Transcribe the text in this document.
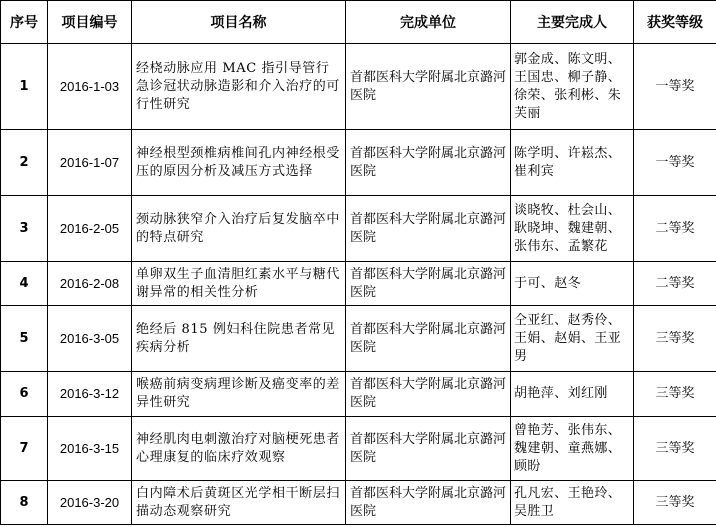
序号	项目编号	项目名称	完成单位	主要完成人	获奖等级
1	2016-1-03	经桡动脉应用 MAC 指引导管行急诊冠状动脉造影和介入治疗的可行性研究	首都医科大学附属北京潞河医院	郭金成、陈文明、王国忠、柳子静、徐荣、张利彬、朱芙丽	一等奖
2	2016-1-07	神经根型颈椎病椎间孔内神经根受压的原因分析及减压方式选择	首都医科大学附属北京潞河医院	陈学明、许崧杰、崔利宾	一等奖
3	2016-2-05	颈动脉狭窄介入治疗后复发脑卒中的特点研究	首都医科大学附属北京潞河医院	谈晓牧、杜会山、耿晓坤、魏建朝、张伟东、孟繁花	二等奖
4	2016-2-08	单卵双生子血清胆红素水平与糖代谢异常的相关性分析	首都医科大学附属北京潞河医院	于可、赵冬	二等奖
5	2016-3-05	绝经后 815 例妇科住院患者常见疾病分析	首都医科大学附属北京潞河医院	仝亚红、赵秀伶、王娟、赵娟、王亚男	三等奖
6	2016-3-12	喉癌前病变病理诊断及癌变率的差异性研究	首都医科大学附属北京潞河医院	胡艳萍、刘红刚	三等奖
7	2016-3-15	神经肌肉电刺激治疗对脑梗死患者心理康复的临床疗效观察	首都医科大学附属北京潞河医院	曾艳芳、张伟东、魏建朝、童燕娜、顾盼	三等奖
8	2016-3-20	白内障术后黄斑区光学相干断层扫描动态观察研究	首都医科大学附属北京潞河医院	孔凡宏、王艳玲、吴胜卫	三等奖
